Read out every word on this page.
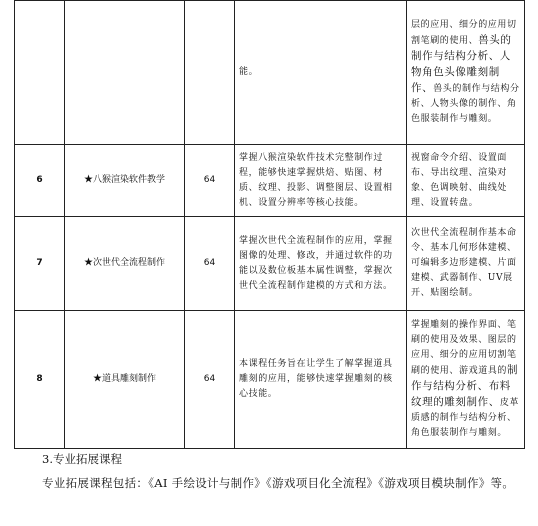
			能。	层的应用、细分的应用切割笔刷的使用、兽头的制作与结构分析、人物角色头像雕刻制作、兽头的制作与结构分析、人物头像的制作、角色服装制作与雕刻。
6	★八猴渲染软件教学	64	掌握八猴渲染软件技术完整制作过程，能够快速掌握烘焙、贴图、材质、纹理、投影、调整图层、设置相机、设置分辨率等核心技能。	视窗命令介绍、设置面布、导出纹理、渲染对象、色调映射、曲线处理、设置转盘。
7	★次世代全流程制作	64	掌握次世代全流程制作的应用，掌握图像的处理、修改，并通过软件的功能以及数位板基本属性调整，掌握次世代全流程制作建模的方式和方法。	次世代全流程制作基本命令、基本几何形体建模、可编辑多边形建模、片面建模、武器制作、UV展开、贴图绘制。
8	★道具雕刻制作	64	本课程任务旨在让学生了解掌握道具雕刻的应用，能够快速掌握雕刻的核心技能。	掌握雕刻的操作界面、笔刷的使用及效果、图层的应用、细分的应用切割笔刷的使用、游戏道具的制作与结构分析、布料纹理的雕刻制作、皮革质感的制作与结构分析、角色服装制作与雕刻。
3.专业拓展课程
专业拓展课程包括：《AI 手绘设计与制作》《游戏项目化全流程》《游戏项目模块制作》等。
